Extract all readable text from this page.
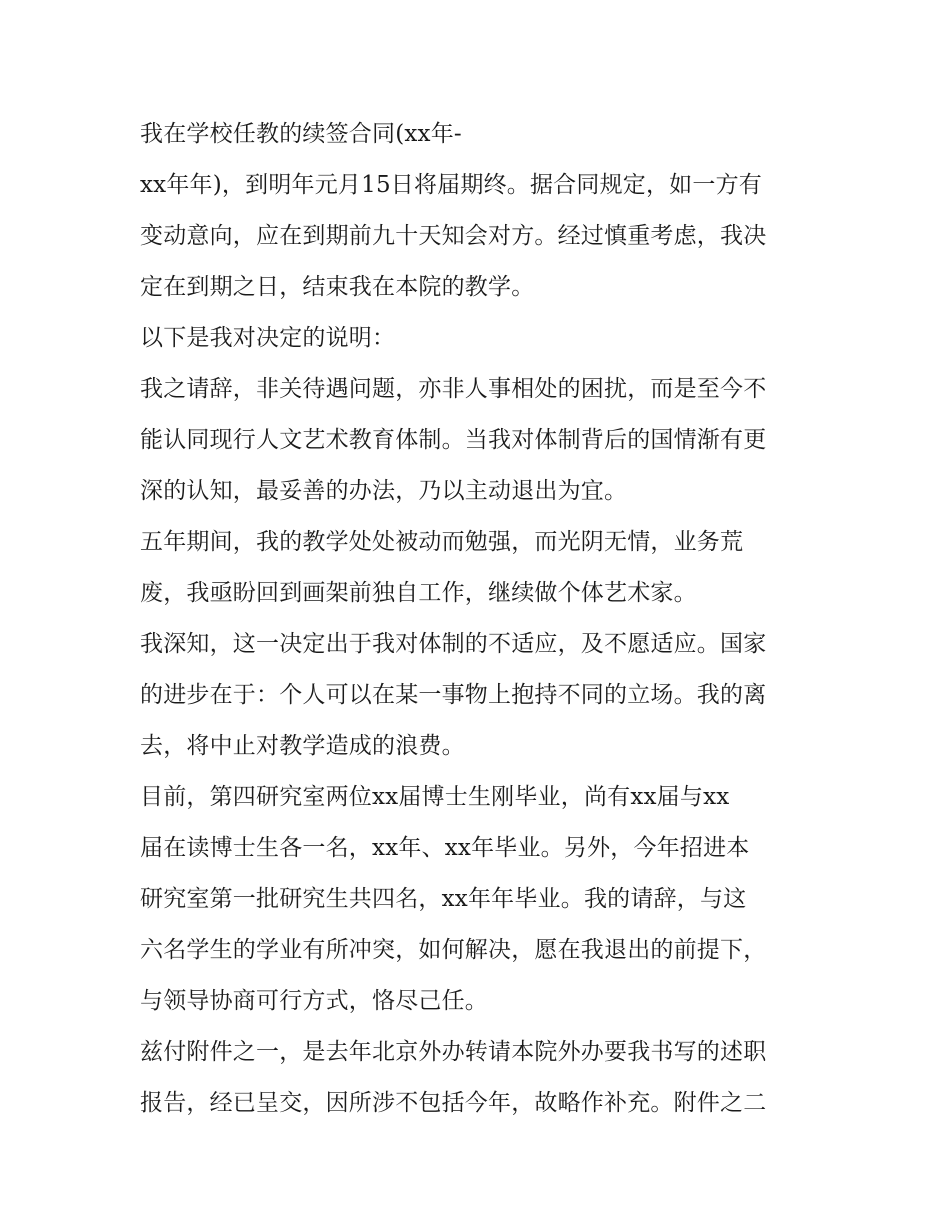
我在学校任教的续签合同(xx年-
xx年年)，到明年元月15日将届期终。据合同规定，如一方有
变动意向，应在到期前九十天知会对方。经过慎重考虑，我决
定在到期之日，结束我在本院的教学。
以下是我对决定的说明：
我之请辞，非关待遇问题，亦非人事相处的困扰，而是至今不
能认同现行人文艺术教育体制。当我对体制背后的国情渐有更
深的认知，最妥善的办法，乃以主动退出为宜。
五年期间，我的教学处处被动而勉强，而光阴无情，业务荒
废，我亟盼回到画架前独自工作，继续做个体艺术家。
我深知，这一决定出于我对体制的不适应，及不愿适应。国家
的进步在于：个人可以在某一事物上抱持不同的立场。我的离
去，将中止对教学造成的浪费。
目前，第四研究室两位xx届博士生刚毕业，尚有xx届与xx
届在读博士生各一名，xx年、xx年毕业。另外，今年招进本
研究室第一批研究生共四名，xx年年毕业。我的请辞，与这
六名学生的学业有所冲突，如何解决，愿在我退出的前提下，
与领导协商可行方式，恪尽己任。
兹付附件之一，是去年北京外办转请本院外办要我书写的述职
报告，经已呈交，因所涉不包括今年，故略作补充。附件之二
